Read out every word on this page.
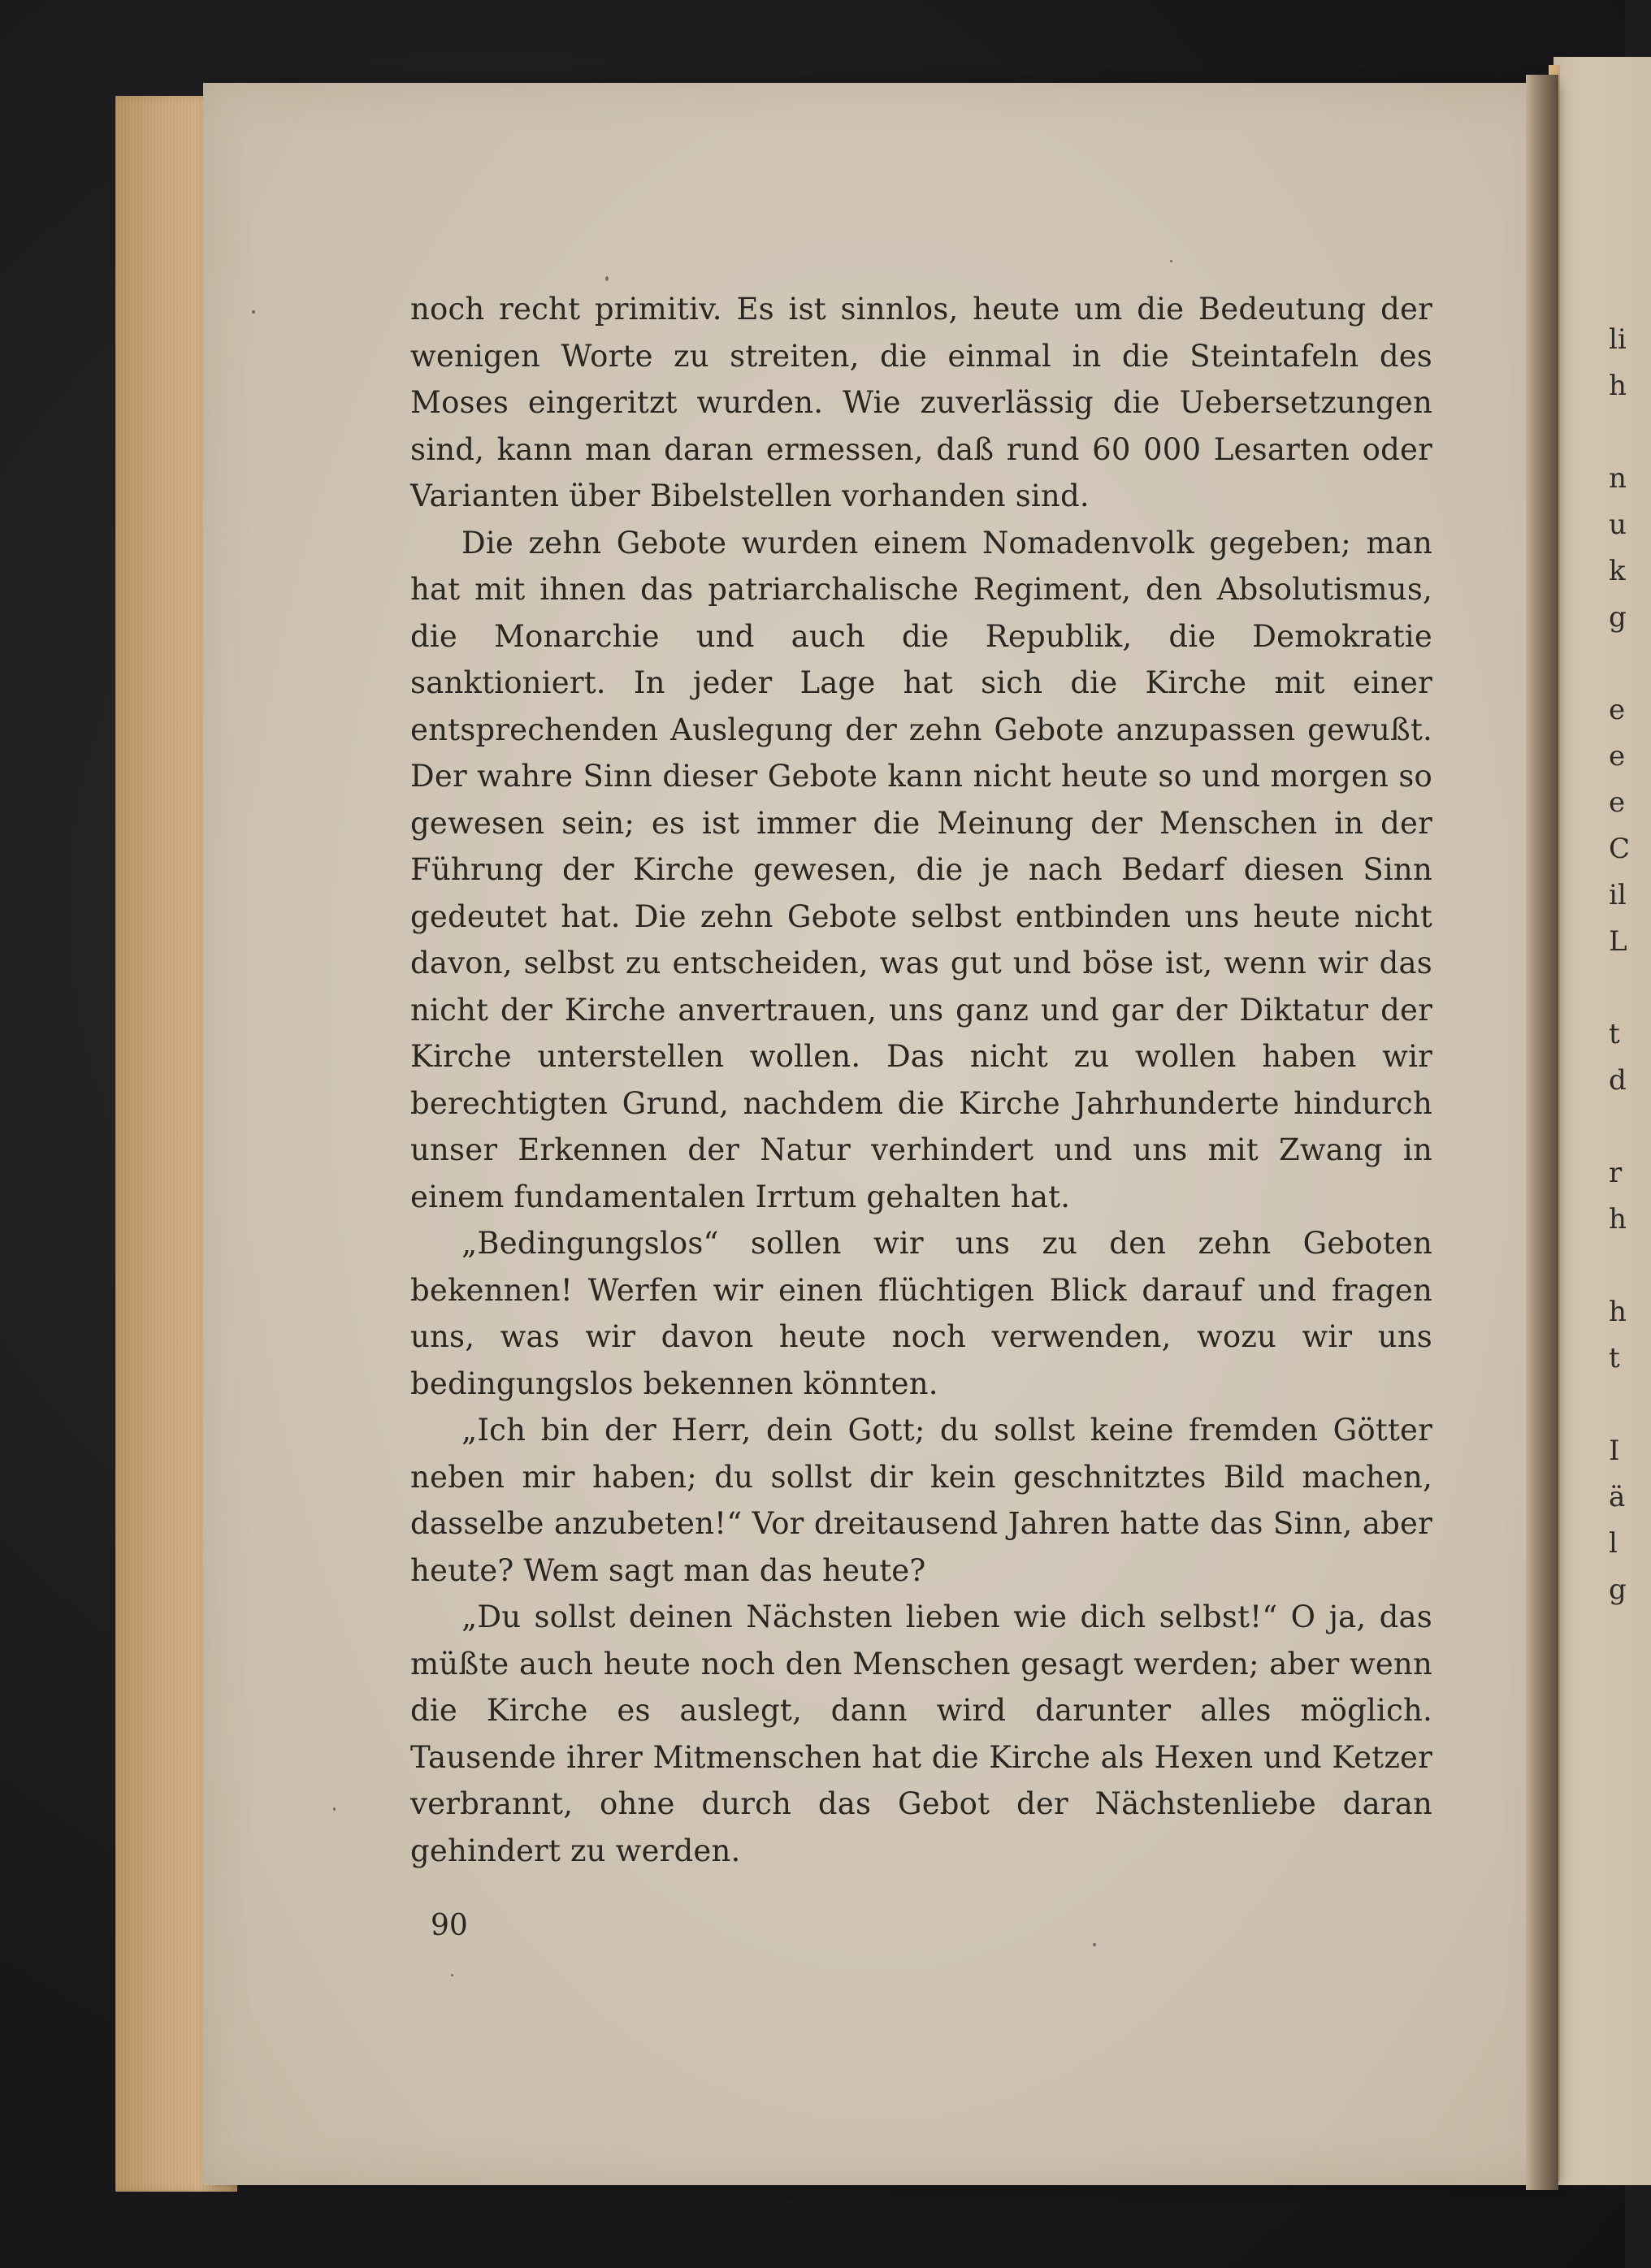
li
h

n
u
k
g

e
e
e
C
il
L

t
d

r
h

h
t

I
ä
l
g

noch recht primitiv. Es ist sinnlos, heute um die Bedeutung der wenigen Worte zu streiten, die einmal in die Steintafeln des Moses eingeritzt wurden. Wie zuverlässig die Uebersetzungen sind, kann man daran ermessen, daß rund 60 000 Lesarten oder Varianten über Bibelstellen vorhanden sind.

Die zehn Gebote wurden einem Nomadenvolk gegeben; man hat mit ihnen das patriarchalische Regiment, den Absolutismus, die Monarchie und auch die Republik, die Demokratie sanktioniert. In jeder Lage hat sich die Kirche mit einer entsprechenden Auslegung der zehn Gebote anzupassen gewußt. Der wahre Sinn dieser Gebote kann nicht heute so und morgen so gewesen sein; es ist immer die Meinung der Menschen in der Führung der Kirche gewesen, die je nach Bedarf diesen Sinn gedeutet hat. Die zehn Gebote selbst entbinden uns heute nicht davon, selbst zu entscheiden, was gut und böse ist, wenn wir das nicht der Kirche anvertrauen, uns ganz und gar der Diktatur der Kirche unterstellen wollen. Das nicht zu wollen haben wir berechtigten Grund, nachdem die Kirche Jahrhunderte hindurch unser Erkennen der Natur verhindert und uns mit Zwang in einem fundamentalen Irrtum gehalten hat.

„Bedingungslos“ sollen wir uns zu den zehn Geboten bekennen! Werfen wir einen flüchtigen Blick darauf und fragen uns, was wir davon heute noch verwenden, wozu wir uns bedingungslos bekennen könnten.

„Ich bin der Herr, dein Gott; du sollst keine fremden Götter neben mir haben; du sollst dir kein geschnitztes Bild machen, dasselbe anzubeten!“ Vor dreitausend Jahren hatte das Sinn, aber heute? Wem sagt man das heute?

„Du sollst deinen Nächsten lieben wie dich selbst!“ O ja, das müßte auch heute noch den Menschen gesagt werden; aber wenn die Kirche es auslegt, dann wird darunter alles möglich. Tausende ihrer Mitmenschen hat die Kirche als Hexen und Ketzer verbrannt, ohne durch das Gebot der Nächstenliebe daran gehindert zu werden.

90
